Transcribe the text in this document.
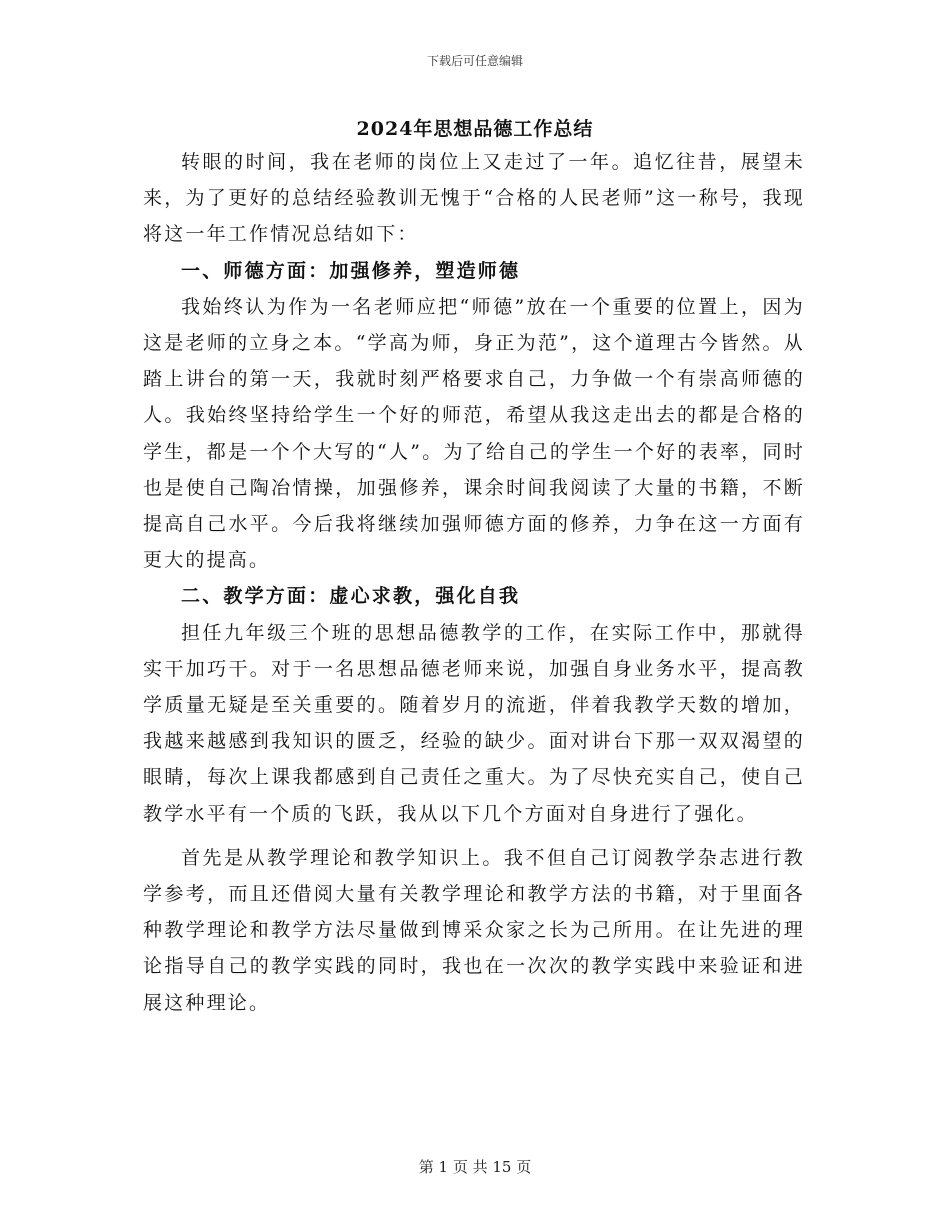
下载后可任意编辑
2024年思想品德工作总结

转眼的时间，我在老师的岗位上又走过了一年。追忆往昔，展望未来，为了更好的总结经验教训无愧于“合格的人民老师”这一称号，我现将这一年工作情况总结如下：

一、师德方面：加强修养，塑造师德

我始终认为作为一名老师应把“师德”放在一个重要的位置上，因为这是老师的立身之本。“学高为师，身正为范”，这个道理古今皆然。从踏上讲台的第一天，我就时刻严格要求自己，力争做一个有崇高师德的人。我始终坚持给学生一个好的师范，希望从我这走出去的都是合格的学生，都是一个个大写的“人”。为了给自己的学生一个好的表率，同时也是使自己陶冶情操，加强修养，课余时间我阅读了大量的书籍，不断提高自己水平。今后我将继续加强师德方面的修养，力争在这一方面有更大的提高。

二、教学方面：虚心求教，强化自我

担任九年级三个班的思想品德教学的工作，在实际工作中，那就得实干加巧干。对于一名思想品德老师来说，加强自身业务水平，提高教学质量无疑是至关重要的。随着岁月的流逝，伴着我教学天数的增加，我越来越感到我知识的匮乏，经验的缺少。面对讲台下那一双双渴望的眼睛，每次上课我都感到自己责任之重大。为了尽快充实自己，使自己教学水平有一个质的飞跃，我从以下几个方面对自身进行了强化。

首先是从教学理论和教学知识上。我不但自己订阅教学杂志进行教学参考，而且还借阅大量有关教学理论和教学方法的书籍，对于里面各种教学理论和教学方法尽量做到博采众家之长为己所用。在让先进的理论指导自己的教学实践的同时，我也在一次次的教学实践中来验证和进展这种理论。

第 1 页 共 15 页
